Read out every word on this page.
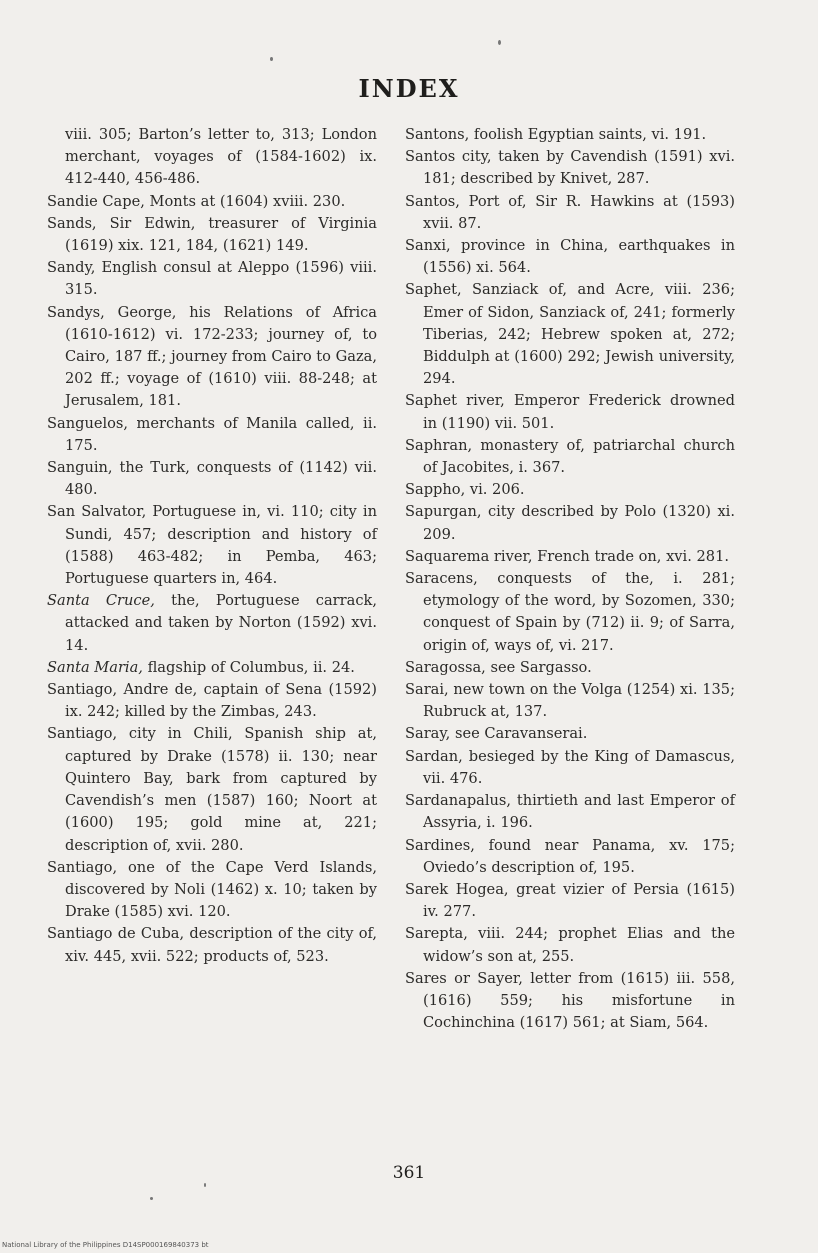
INDEX

viii. 305; Barton’s letter to, 313; London merchant, voyages of (1584-1602) ix. 412-440, 456-486.

Sandie Cape, Monts at (1604) xviii. 230.

Sands, Sir Edwin, treasurer of Virginia (1619) xix. 121, 184, (1621) 149.

Sandy, English consul at Aleppo (1596) viii. 315.

Sandys, George, his Relations of Africa (1610-1612) vi. 172-233; journey of, to Cairo, 187 ff.; journey from Cairo to Gaza, 202 ff.; voyage of (1610) viii. 88-248; at Jerusalem, 181.

Sanguelos, merchants of Manila called, ii. 175.

Sanguin, the Turk, conquests of (1142) vii. 480.

San Salvator, Portuguese in, vi. 110; city in Sundi, 457; description and history of (1588) 463-482; in Pemba, 463; Portuguese quarters in, 464.

Santa Cruce, the, Portuguese carrack, attacked and taken by Norton (1592) xvi. 14.

Santa Maria, flagship of Columbus, ii. 24.

Santiago, Andre de, captain of Sena (1592) ix. 242; killed by the Zimbas, 243.

Santiago, city in Chili, Spanish ship at, captured by Drake (1578) ii. 130; near Quintero Bay, bark from captured by Cavendish’s men (1587) 160; Noort at (1600) 195; gold mine at, 221; description of, xvii. 280.

Santiago, one of the Cape Verd Islands, discovered by Noli (1462) x. 10; taken by Drake (1585) xvi. 120.

Santiago de Cuba, description of the city of, xiv. 445, xvii. 522; products of, 523.

Santons, foolish Egyptian saints, vi. 191.

Santos city, taken by Cavendish (1591) xvi. 181; described by Knivet, 287.

Santos, Port of, Sir R. Hawkins at (1593) xvii. 87.

Sanxi, province in China, earthquakes in (1556) xi. 564.

Saphet, Sanziack of, and Acre, viii. 236; Emer of Sidon, Sanziack of, 241; formerly Tiberias, 242; Hebrew spoken at, 272; Biddulph at (1600) 292; Jewish university, 294.

Saphet river, Emperor Frederick drowned in (1190) vii. 501.

Saphran, monastery of, patriarchal church of Jacobites, i. 367.

Sappho, vi. 206.

Sapurgan, city described by Polo (1320) xi. 209.

Saquarema river, French trade on, xvi. 281.

Saracens, conquests of the, i. 281; etymology of the word, by Sozomen, 330; conquest of Spain by (712) ii. 9; of Sarra, origin of, ways of, vi. 217.

Saragossa, see Sargasso.

Sarai, new town on the Volga (1254) xi. 135; Rubruck at, 137.

Saray, see Caravanserai.

Sardan, besieged by the King of Damascus, vii. 476.

Sardanapalus, thirtieth and last Emperor of Assyria, i. 196.

Sardines, found near Panama, xv. 175; Oviedo’s description of, 195.

Sarek Hogea, great vizier of Persia (1615) iv. 277.

Sarepta, viii. 244; prophet Elias and the widow’s son at, 255.

Sares or Sayer, letter from (1615) iii. 558, (1616) 559; his misfortune in Cochinchina (1617) 561; at Siam, 564.

361
National Library of the Philippines D14SP000169840373 bt
